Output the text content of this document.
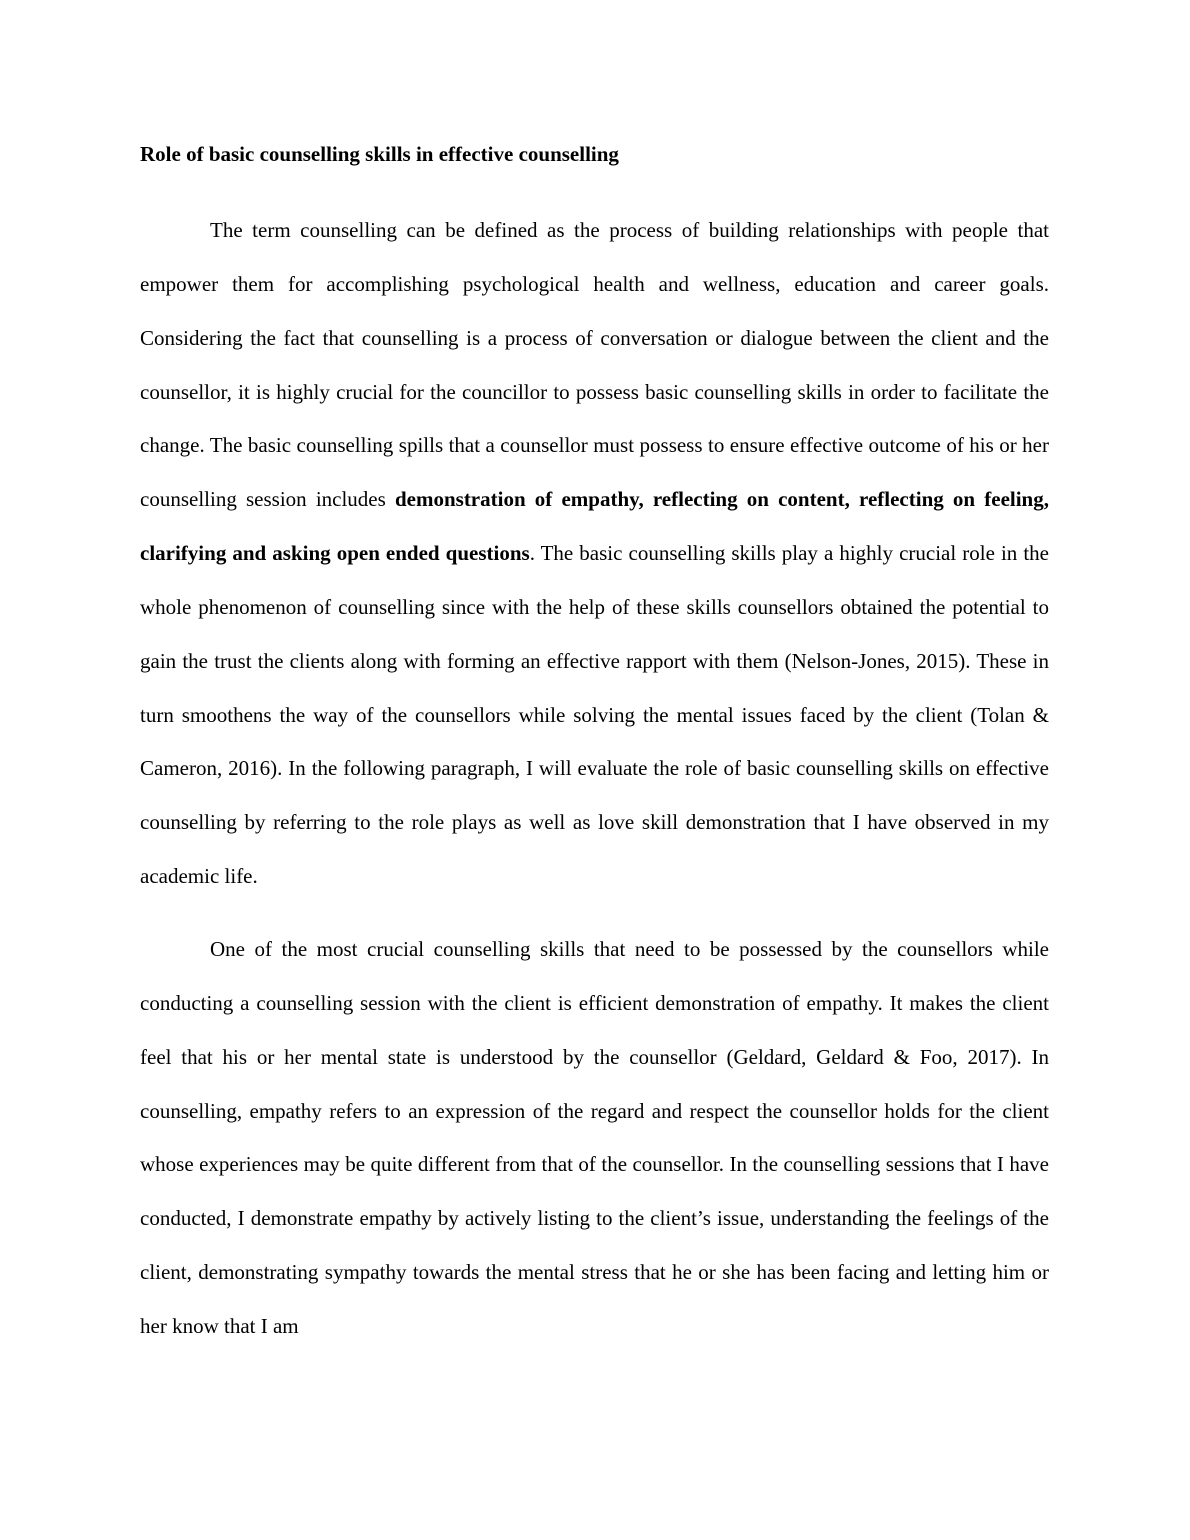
Role of basic counselling skills in effective counselling

The term counselling can be defined as the process of building relationships with people that empower them for accomplishing psychological health and wellness, education and career goals. Considering the fact that counselling is a process of conversation or dialogue between the client and the counsellor, it is highly crucial for the councillor to possess basic counselling skills in order to facilitate the change. The basic counselling spills that a counsellor must possess to ensure effective outcome of his or her counselling session includes demonstration of empathy, reflecting on content, reflecting on feeling, clarifying and asking open ended questions. The basic counselling skills play a highly crucial role in the whole phenomenon of counselling since with the help of these skills counsellors obtained the potential to gain the trust the clients along with forming an effective rapport with them (Nelson-Jones, 2015). These in turn smoothens the way of the counsellors while solving the mental issues faced by the client (Tolan & Cameron, 2016). In the following paragraph, I will evaluate the role of basic counselling skills on effective counselling by referring to the role plays as well as love skill demonstration that I have observed in my academic life.

One of the most crucial counselling skills that need to be possessed by the counsellors while conducting a counselling session with the client is efficient demonstration of empathy. It makes the client feel that his or her mental state is understood by the counsellor (Geldard, Geldard & Foo, 2017). In counselling, empathy refers to an expression of the regard and respect the counsellor holds for the client whose experiences may be quite different from that of the counsellor. In the counselling sessions that I have conducted, I demonstrate empathy by actively listing to the client’s issue, understanding the feelings of the client, demonstrating sympathy towards the mental stress that he or she has been facing and letting him or her know that I am
